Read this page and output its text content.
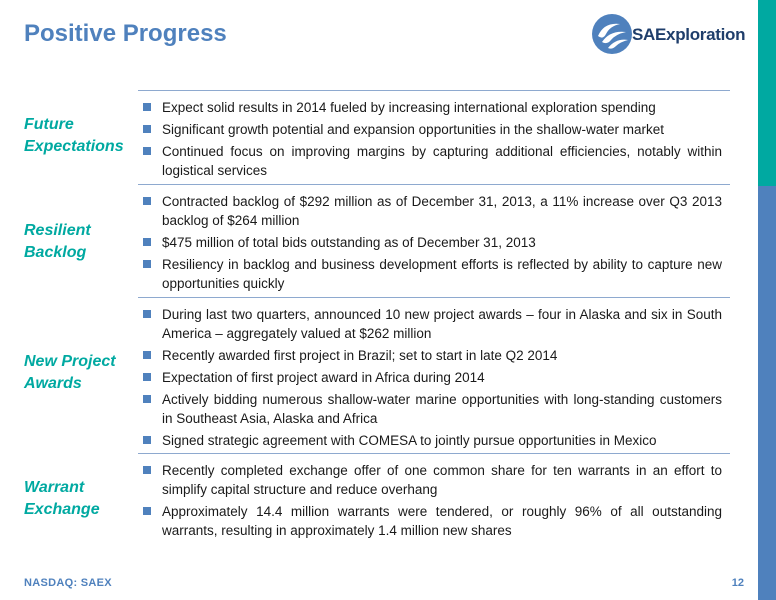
Positive Progress	SAExploration
Future Expectations
Expect solid results in 2014 fueled by increasing international exploration spending
Significant growth potential and expansion opportunities in the shallow-water market
Continued focus on improving margins by capturing additional efficiencies, notably within logistical services
Resilient Backlog
Contracted backlog of $292 million as of December 31, 2013, a 11% increase over Q3 2013 backlog of $264 million
$475 million of total bids outstanding as of December 31, 2013
Resiliency in backlog and business development efforts is reflected by ability to capture new opportunities quickly
New Project Awards
During last two quarters, announced 10 new project awards – four in Alaska and six in South America – aggregately valued at $262 million
Recently awarded first project in Brazil; set to start in late Q2 2014
Expectation of first project award in Africa during 2014
Actively bidding numerous shallow-water marine opportunities with long-standing customers in Southeast Asia, Alaska and Africa
Signed strategic agreement with COMESA to jointly pursue opportunities in Mexico
Warrant Exchange
Recently completed exchange offer of one common share for ten warrants in an effort to simplify capital structure and reduce overhang
Approximately 14.4 million warrants were tendered, or roughly 96% of all outstanding warrants, resulting in approximately 1.4 million new shares
NASDAQ: SAEX	12
